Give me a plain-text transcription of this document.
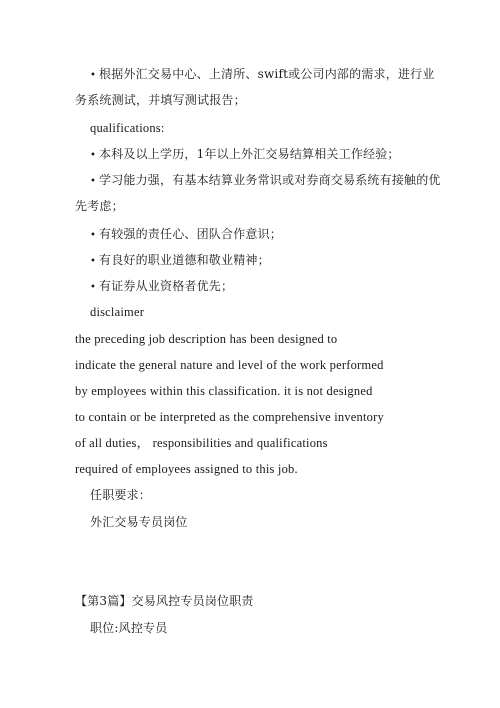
• 根据外汇交易中心、上清所、swift或公司内部的需求，进行业
务系统测试，并填写测试报告；
qualifications:
• 本科及以上学历，1年以上外汇交易结算相关工作经验；
• 学习能力强，有基本结算业务常识或对券商交易系统有接触的优
先考虑；
• 有较强的责任心、团队合作意识；
• 有良好的职业道德和敬业精神；
• 有证券从业资格者优先；
disclaimer
the preceding job description has been designed to
indicate the general nature and level of the work performed
by employees within this classification. it is not designed
to contain or be interpreted as the comprehensive inventory
of all duties， responsibilities and qualifications
required of employees assigned to this job.
任职要求：
外汇交易专员岗位
【第3篇】交易风控专员岗位职责
职位:风控专员
